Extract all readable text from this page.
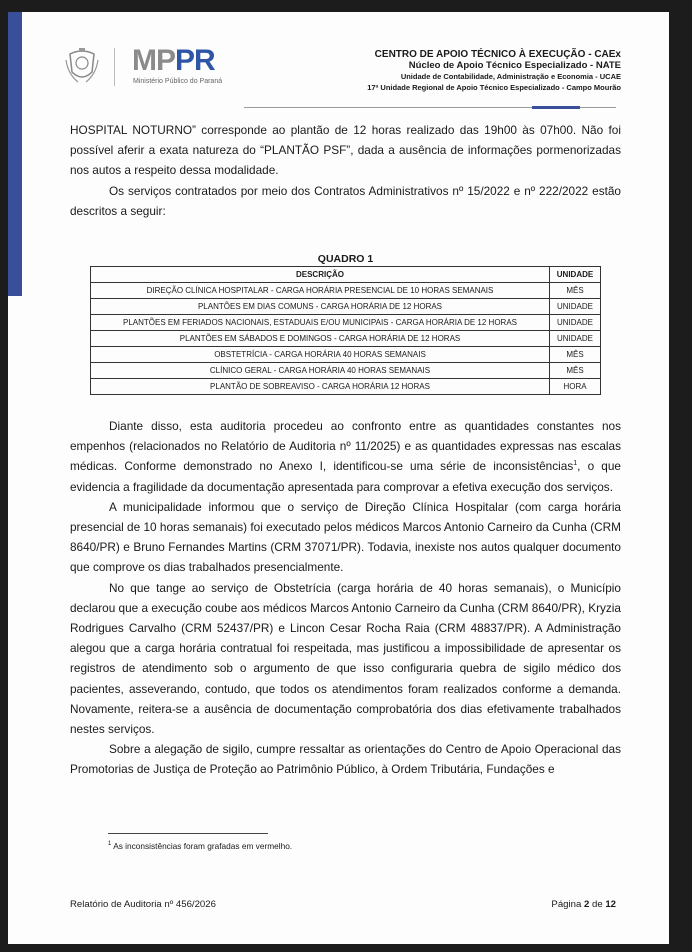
MPPR
Ministério Público do Paraná
CENTRO DE APOIO TÉCNICO À EXECUÇÃO - CAEx
Núcleo de Apoio Técnico Especializado - NATE
Unidade de Contabilidade, Administração e Economia - UCAE
17ª Unidade Regional de Apoio Técnico Especializado - Campo Mourão

HOSPITAL NOTURNO” corresponde ao plantão de 12 horas realizado das 19h00 às 07h00. Não foi possível aferir a exata natureza do “PLANTÃO PSF”, dada a ausência de informações pormenorizadas nos autos a respeito dessa modalidade.

Os serviços contratados por meio dos Contratos Administrativos nº 15/2022 e nº 222/2022 estão descritos a seguir:

QUADRO 1
DESCRIÇÃO	UNIDADE
DIREÇÃO CLÍNICA HOSPITALAR - CARGA HORÁRIA PRESENCIAL DE 10 HORAS SEMANAIS	MÊS
PLANTÕES EM DIAS COMUNS - CARGA HORÁRIA DE 12 HORAS	UNIDADE
PLANTÕES EM FERIADOS NACIONAIS, ESTADUAIS E/OU MUNICIPAIS - CARGA HORÁRIA DE 12 HORAS	UNIDADE
PLANTÕES EM SÁBADOS E DOMINGOS - CARGA HORÁRIA DE 12 HORAS	UNIDADE
OBSTETRÍCIA - CARGA HORÁRIA 40 HORAS SEMANAIS	MÊS
CLÍNICO GERAL - CARGA HORÁRIA 40 HORAS SEMANAIS	MÊS
PLANTÃO DE SOBREAVISO - CARGA HORÁRIA 12 HORAS	HORA

Diante disso, esta auditoria procedeu ao confronto entre as quantidades constantes nos empenhos (relacionados no Relatório de Auditoria nº 11/2025) e as quantidades expressas nas escalas médicas. Conforme demonstrado no Anexo I, identificou-se uma série de inconsistências$^1$, o que evidencia a fragilidade da documentação apresentada para comprovar a efetiva execução dos serviços.

A municipalidade informou que o serviço de Direção Clínica Hospitalar (com carga horária presencial de 10 horas semanais) foi executado pelos médicos Marcos Antonio Carneiro da Cunha (CRM 8640/PR) e Bruno Fernandes Martins (CRM 37071/PR). Todavia, inexiste nos autos qualquer documento que comprove os dias trabalhados presencialmente.

No que tange ao serviço de Obstetrícia (carga horária de 40 horas semanais), o Município declarou que a execução coube aos médicos Marcos Antonio Carneiro da Cunha (CRM 8640/PR), Kryzia Rodrigues Carvalho (CRM 52437/PR) e Lincon Cesar Rocha Raia (CRM 48837/PR). A Administração alegou que a carga horária contratual foi respeitada, mas justificou a impossibilidade de apresentar os registros de atendimento sob o argumento de que isso configuraria quebra de sigilo médico dos pacientes, asseverando, contudo, que todos os atendimentos foram realizados conforme a demanda. Novamente, reitera-se a ausência de documentação comprobatória dos dias efetivamente trabalhados nestes serviços.

Sobre a alegação de sigilo, cumpre ressaltar as orientações do Centro de Apoio Operacional das Promotorias de Justiça de Proteção ao Patrimônio Público, à Ordem Tributária, Fundações e

$^1$ As inconsistências foram grafadas em vermelho.
Relatório de Auditoria nº 456/2026	Página 2 de 12
